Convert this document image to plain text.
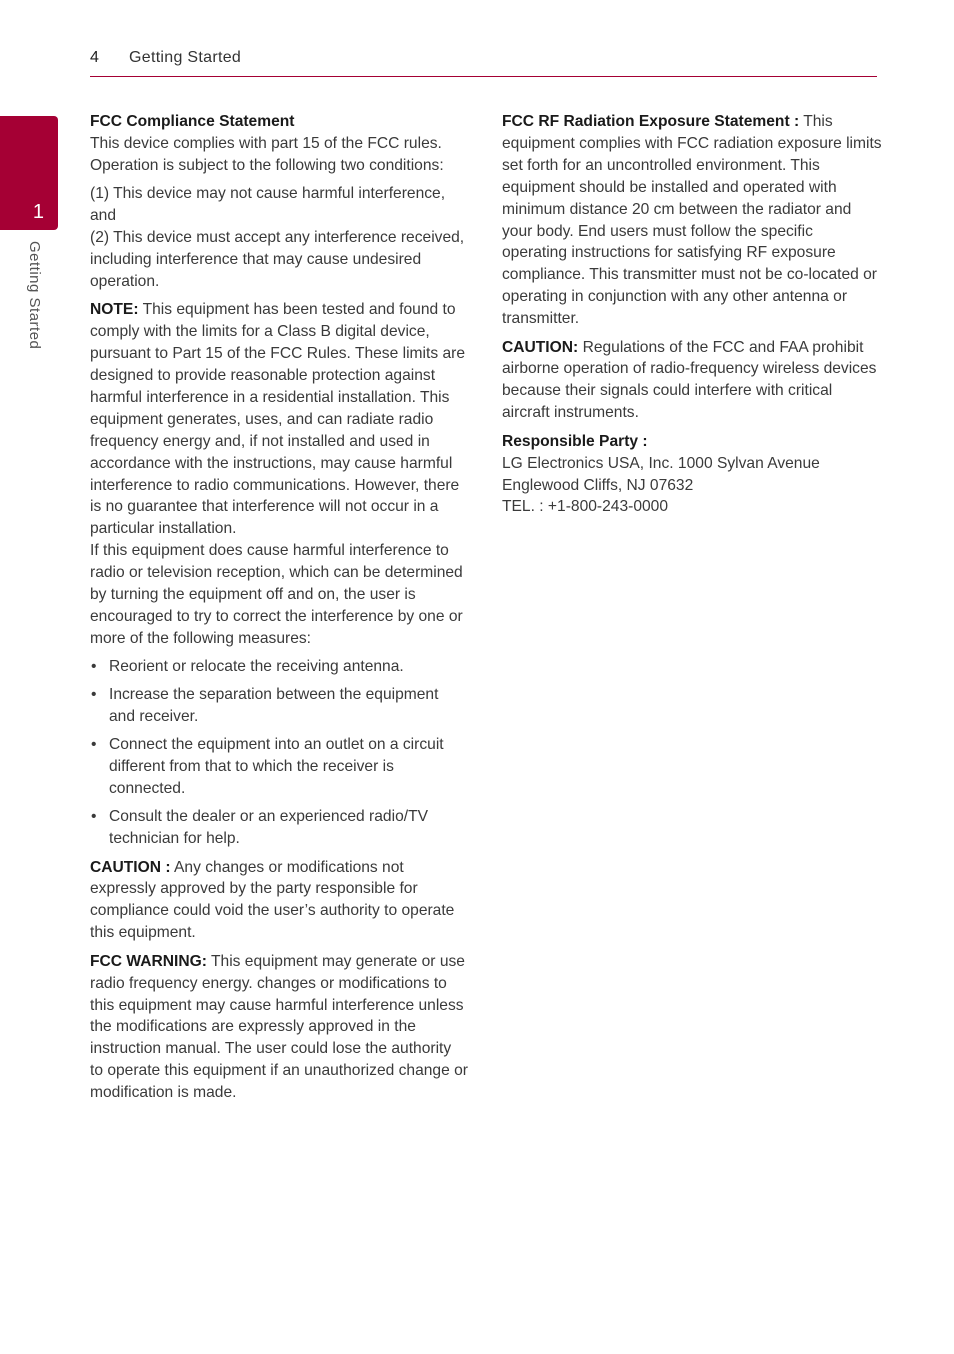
4 Getting Started
1
Getting Started

FCC Compliance Statement

This device complies with part 15 of the FCC rules. Operation is subject to the following two conditions:

(1) This device may not cause harmful interference, and

(2) This device must accept any interference received, including interference that may cause undesired operation.

NOTE: This equipment has been tested and found to comply with the limits for a Class B digital device, pursuant to Part 15 of the FCC Rules. These limits are designed to provide reasonable protection against harmful interference in a residential installation. This equipment generates, uses, and can radiate radio frequency energy and, if not installed and used in accordance with the instructions, may cause harmful interference to radio communications. However, there is no guarantee that interference will not occur in a particular installation.

If this equipment does cause harmful interference to radio or television reception, which can be determined by turning the equipment off and on, the user is encouraged to try to correct the interference by one or more of the following measures:

• Reorient or relocate the receiving antenna.
• Increase the separation between the equipment and receiver.
• Connect the equipment into an outlet on a circuit different from that to which the receiver is connected.
• Consult the dealer or an experienced radio/TV technician for help.

CAUTION : Any changes or modifications not expressly approved by the party responsible for compliance could void the user’s authority to operate this equipment.

FCC WARNING: This equipment may generate or use radio frequency energy. changes or modifications to this equipment may cause harmful interference unless the modifications are expressly approved in the instruction manual. The user could lose the authority to operate this equipment if an unauthorized change or modification is made.

FCC RF Radiation Exposure Statement : This equipment complies with FCC radiation exposure limits set forth for an uncontrolled environment. This equipment should be installed and operated with minimum distance 20 cm between the radiator and your body. End users must follow the specific operating instructions for satisfying RF exposure compliance. This transmitter must not be co-located or operating in conjunction with any other antenna or transmitter.

CAUTION: Regulations of the FCC and FAA prohibit airborne operation of radio-frequency wireless devices because their signals could interfere with critical aircraft instruments.

Responsible Party :

LG Electronics USA, Inc. 1000 Sylvan Avenue

Englewood Cliffs, NJ 07632

TEL. : +1-800-243-0000
